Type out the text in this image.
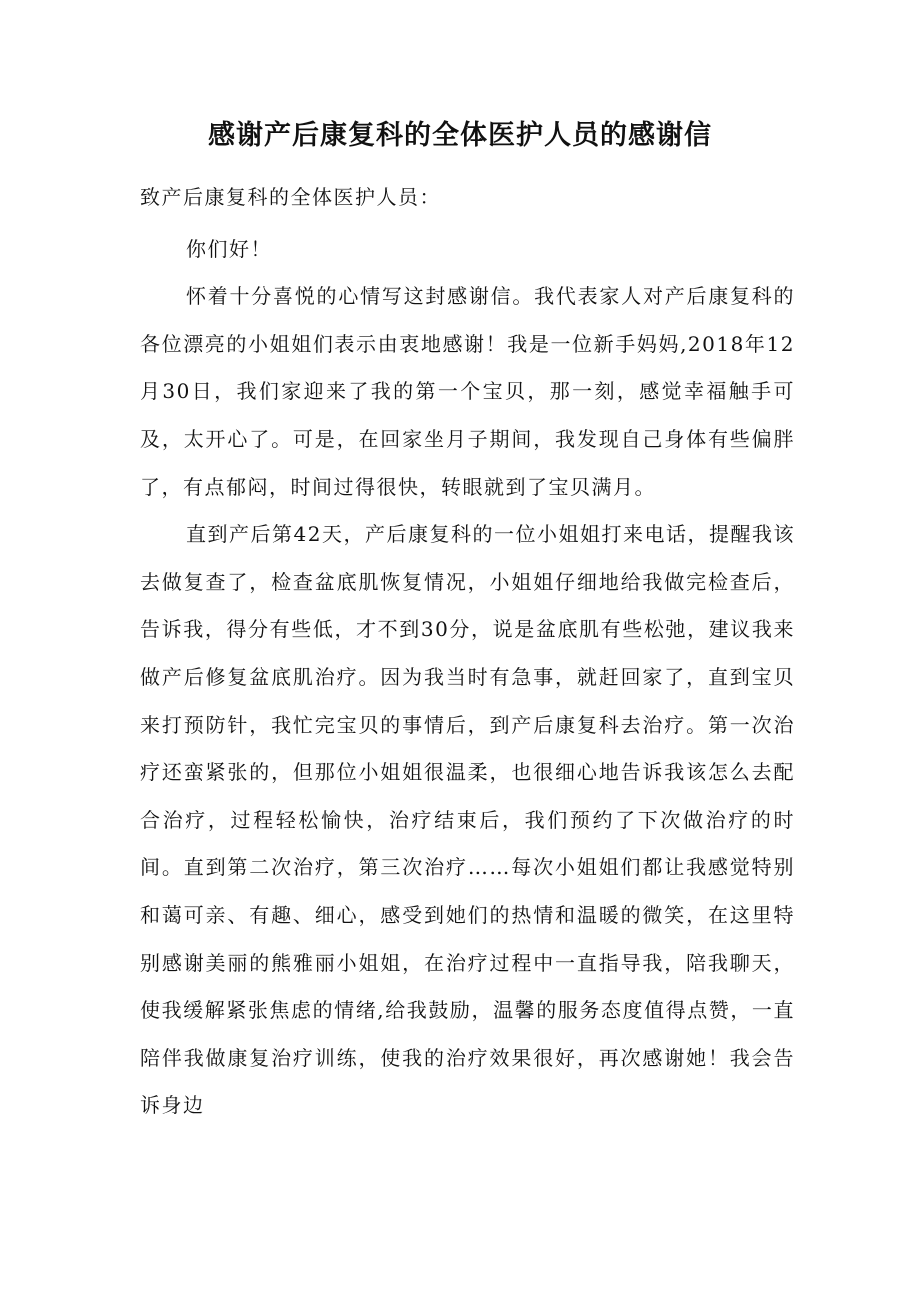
感谢产后康复科的全体医护人员的感谢信

致产后康复科的全体医护人员：

你们好！

怀着十分喜悦的心情写这封感谢信。我代表家人对产后康复科的各位漂亮的小姐姐们表示由衷地感谢！我是一位新手妈妈,2018年12月30日，我们家迎来了我的第一个宝贝，那一刻，感觉幸福触手可及，太开心了。可是，在回家坐月子期间，我发现自己身体有些偏胖了，有点郁闷，时间过得很快，转眼就到了宝贝满月。

直到产后第42天，产后康复科的一位小姐姐打来电话，提醒我该去做复查了，检查盆底肌恢复情况，小姐姐仔细地给我做完检查后，告诉我，得分有些低，才不到30分，说是盆底肌有些松弛，建议我来做产后修复盆底肌治疗。因为我当时有急事，就赶回家了，直到宝贝来打预防针，我忙完宝贝的事情后，到产后康复科去治疗。第一次治疗还蛮紧张的，但那位小姐姐很温柔，也很细心地告诉我该怎么去配合治疗，过程轻松愉快，治疗结束后，我们预约了下次做治疗的时间。直到第二次治疗，第三次治疗……每次小姐姐们都让我感觉特别和蔼可亲、有趣、细心，感受到她们的热情和温暖的微笑，在这里特别感谢美丽的熊雅丽小姐姐，在治疗过程中一直指导我，陪我聊天，使我缓解紧张焦虑的情绪,给我鼓励，温馨的服务态度值得点赞，一直陪伴我做康复治疗训练，使我的治疗效果很好，再次感谢她！我会告诉身边
